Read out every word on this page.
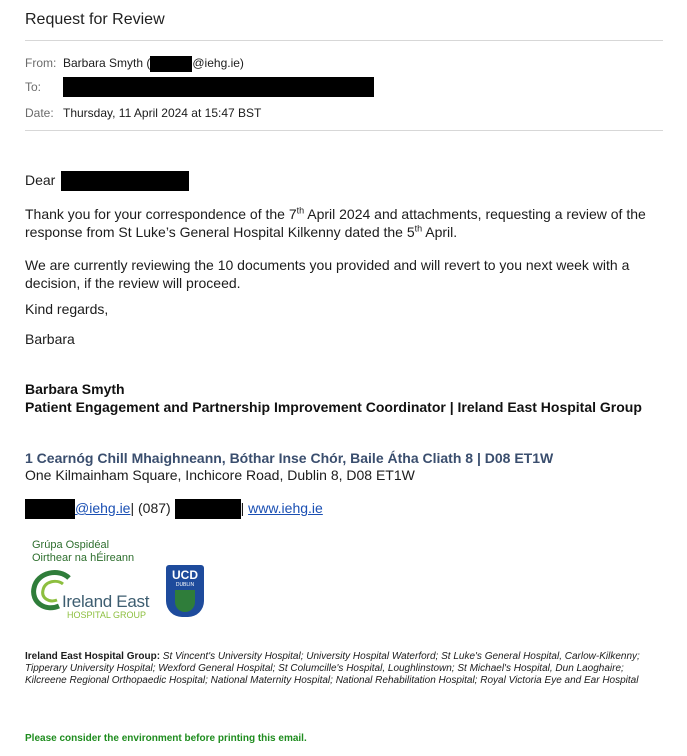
Request for Review
From: Barbara Smyth (	@iehg.ie)
To:
Date: Thursday, 11 April 2024 at 15:47 BST
Dear

Thank you for your correspondence of the 7th April 2024 and attachments, requesting a review of the response from St Luke’s General Hospital Kilkenny dated the 5th April.

We are currently reviewing the 10 documents you provided and will revert to you next week with a decision, if the review will proceed.
Kind regards,
Barbara
Barbara Smyth
Patient Engagement and Partnership Improvement Coordinator | Ireland East Hospital Group
1 Cearnóg Chill Mhaighneann, Bóthar Inse Chór, Baile Átha Cliath 8 | D08 ET1W
One Kilmainham Square, Inchicore Road, Dublin 8, D08 ET1W
@iehg.ie| (087)	| www.iehg.ie
Grúpa Ospidéal
Oirthear na hÉireann
Ireland East
HOSPITAL GROUP
UCD
DUBLIN
Ireland East Hospital Group: St Vincent's University Hospital; University Hospital Waterford; St Luke's General Hospital, Carlow-Kilkenny; Tipperary University Hospital; Wexford General Hospital; St Columcille's Hospital, Loughlinstown; St Michael's Hospital, Dun Laoghaire; Kilcreene Regional Orthopaedic Hospital; National Maternity Hospital; National Rehabilitation Hospital; Royal Victoria Eye and Ear Hospital
Please consider the environment before printing this email.
